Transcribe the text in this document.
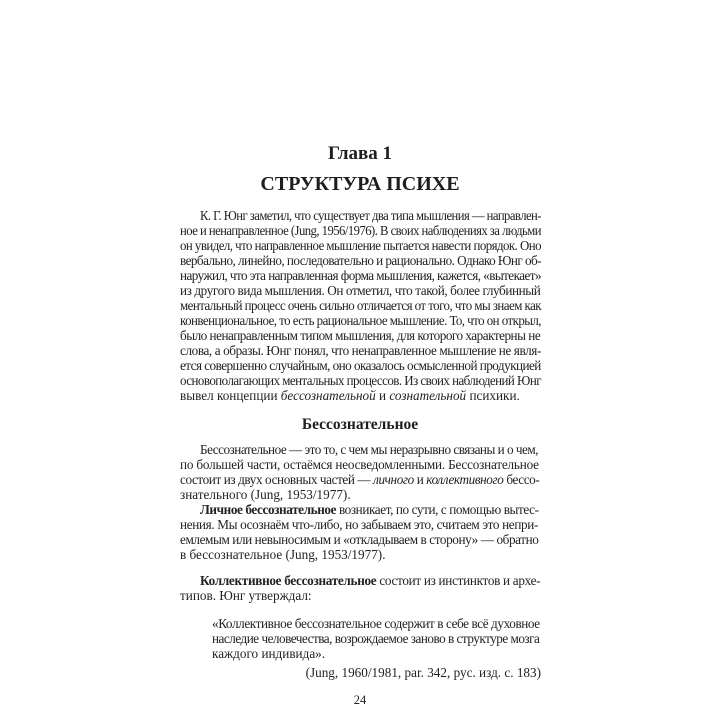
Глава 1
СТРУКТУРА ПСИХЕ
Бессознательное
К. Г. Юнг заметил, что существует два типа мышления — направлен-
ное и ненаправленное (Jung, 1956/1976). В своих наблюдениях за людьми
он увидел, что направленное мышление пытается навести порядок. Оно
вербально, линейно, последовательно и рационально. Однако Юнг об-
наружил, что эта направленная форма мышления, кажется, «вытекает»
из другого вида мышления. Он отметил, что такой, более глубинный
ментальный процесс очень сильно отличается от того, что мы знаем как
конвенциональное, то есть рациональное мышление. То, что он открыл,
было ненаправленным типом мышления, для которого характерны не
слова, а образы. Юнг понял, что ненаправленное мышление не явля-
ется совершенно случайным, оно оказалось осмысленной продукцией
основополагающих ментальных процессов. Из своих наблюдений Юнг
вывел концепции бессознательной и сознательной психики.
Бессознательное — это то, с чем мы неразрывно связаны и о чем,
по большей части, остаёмся неосведомленными. Бессознательное
состоит из двух основных частей — личного и коллективного бессо-
знательного (Jung, 1953/1977).
Личное бессознательное возникает, по сути, с помощью вытес-
нения. Мы осознаём что-либо, но забываем это, считаем это непри-
емлемым или невыносимым и «откладываем в сторону» — обратно
в бессознательное (Jung, 1953/1977).
Коллективное бессознательное состоит из инстинктов и архе-
типов. Юнг утверждал:
«Коллективное бессознательное содержит в себе всё духовное
наследие человечества, возрождаемое заново в структуре мозга
каждого индивида».
(Jung, 1960/1981, par. 342, рус. изд. с. 183)
24
